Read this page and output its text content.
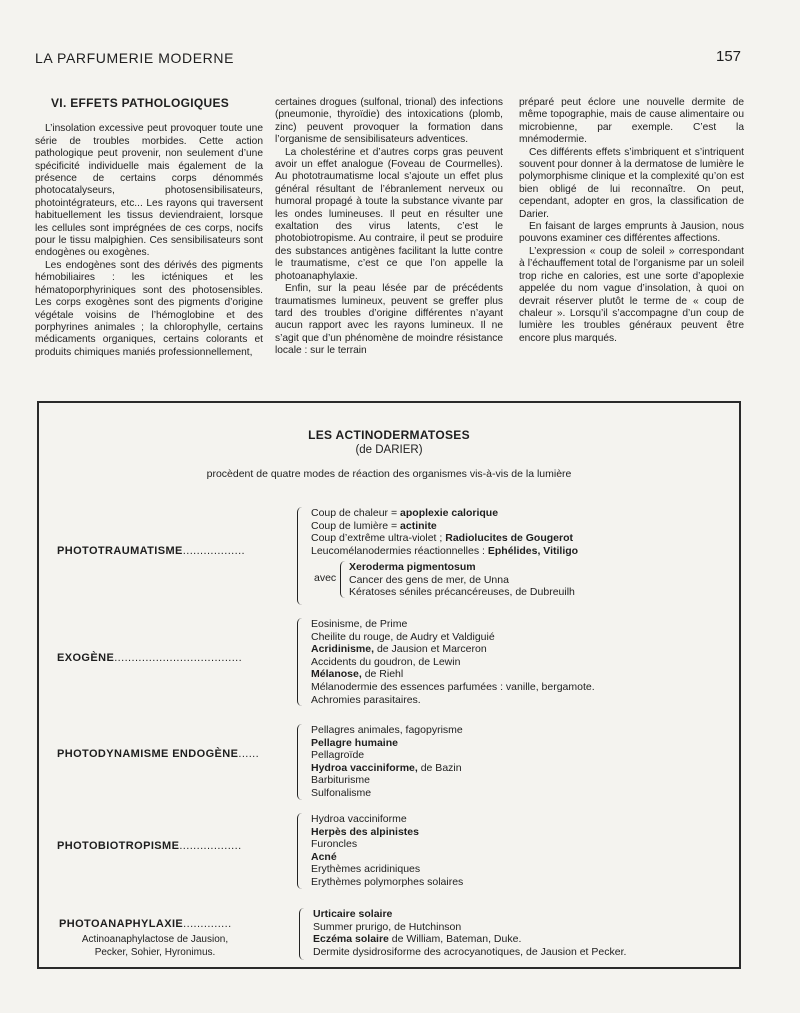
LA PARFUMERIE MODERNE	157
VI. EFFETS PATHOLOGIQUES

L’insolation excessive peut provoquer toute une série de troubles morbides. Cette action pathologique peut provenir, non seulement d’une spécificité individuelle mais également de la présence de certains corps dénommés photocatalyseurs, photosensibilisateurs, photointégrateurs, etc... Les rayons qui traversent habituellement les tissus deviendraient, lorsque les cellules sont imprégnées de ces corps, nocifs pour le tissu malpighien. Ces sensibilisateurs sont endogènes ou exogènes.

Les endogènes sont des dérivés des pigments hémobiliaires : les icténiques et les hématoporphyriniques sont des photosensibles. Les corps exogènes sont des pigments d’origine végétale voisins de l’hémoglobine et des porphyrines animales ; la chlorophylle, certains médicaments organiques, certains colorants et produits chimiques maniés professionnellement,

certaines drogues (sulfonal, trional) des infections (pneumonie, thyroïdie) des intoxications (plomb, zinc) peuvent provoquer la formation dans l’organisme de sensibilisateurs adventices.

La cholestérine et d’autres corps gras peuvent avoir un effet analogue (Foveau de Courmelles). Au phototraumatisme local s’ajoute un effet plus général résultant de l’ébranlement nerveux ou humoral propagé à toute la substance vivante par les ondes lumineuses. Il peut en résulter une exaltation des virus latents, c’est le photobiotropisme. Au contraire, il peut se produire des substances antigènes facilitant la lutte contre le traumatisme, c’est ce que l’on appelle la photoanaphylaxie.

Enfin, sur la peau lésée par de précédents traumatismes lumineux, peuvent se greffer plus tard des troubles d’origine différentes n’ayant aucun rapport avec les rayons lumineux. Il ne s’agit que d’un phénomène de moindre résistance locale : sur le terrain

préparé peut éclore une nouvelle dermite de même topographie, mais de cause alimentaire ou microbienne, par exemple. C’est la mnémodermie.

Ces différents effets s’imbriquent et s’intriquent souvent pour donner à la dermatose de lumière le polymorphisme clinique et la complexité qu’on est bien obligé de lui reconnaître. On peut, cependant, adopter en gros, la classification de Darier.

En faisant de larges emprunts à Jausion, nous pouvons examiner ces différentes affections.

L’expression « coup de soleil » correspondant à l’échauffement total de l’organisme par un soleil trop riche en calories, est une sorte d’apoplexie appelée du nom vague d’insolation, à quoi on devrait réserver plutôt le terme de « coup de chaleur ». Lorsqu’il s’accompagne d’un coup de lumière les troubles généraux peuvent être encore plus marqués.

LES ACTINODERMATOSES
(de DARIER)
procèdent de quatre modes de réaction des organismes vis-à-vis de la lumière
PHOTOTRAUMATISME..................
Coup de chaleur = apoplexie calorique
Coup de lumière = actinite
Coup d’extrême ultra-violet ; Radiolucites de Gougerot
Leucomélanodermies réactionnelles : Ephélides, Vitiligo
avec
Xeroderma pigmentosum
Cancer des gens de mer, de Unna
Kératoses séniles précancéreuses, de Dubreuilh
EXOGÈNE.....................................
Eosinisme, de Prime
Cheilite du rouge, de Audry et Valdiguié
Acridinisme, de Jausion et Marceron
Accidents du goudron, de Lewin
Mélanose, de Riehl
Mélanodermie des essences parfumées : vanille, bergamote.
Achromies parasitaires.
PHOTODYNAMISME ENDOGÈNE......
Pellagres animales, fagopyrisme
Pellagre humaine
Pellagroïde
Hydroa vacciniforme, de Bazin
Barbiturisme
Sulfonalisme
PHOTOBIOTROPISME..................
Hydroa vacciniforme
Herpès des alpinistes
Furoncles
Acné
Erythèmes acridiniques
Erythèmes polymorphes solaires
PHOTOANAPHYLAXIE..............
Actinoanaphylactose de Jausion, Pecker, Sohier, Hyronimus.
Urticaire solaire
Summer prurigo, de Hutchinson
Eczéma solaire de William, Bateman, Duke.
Dermite dysidrosiforme des acrocyanotiques, de Jausion et Pecker.
